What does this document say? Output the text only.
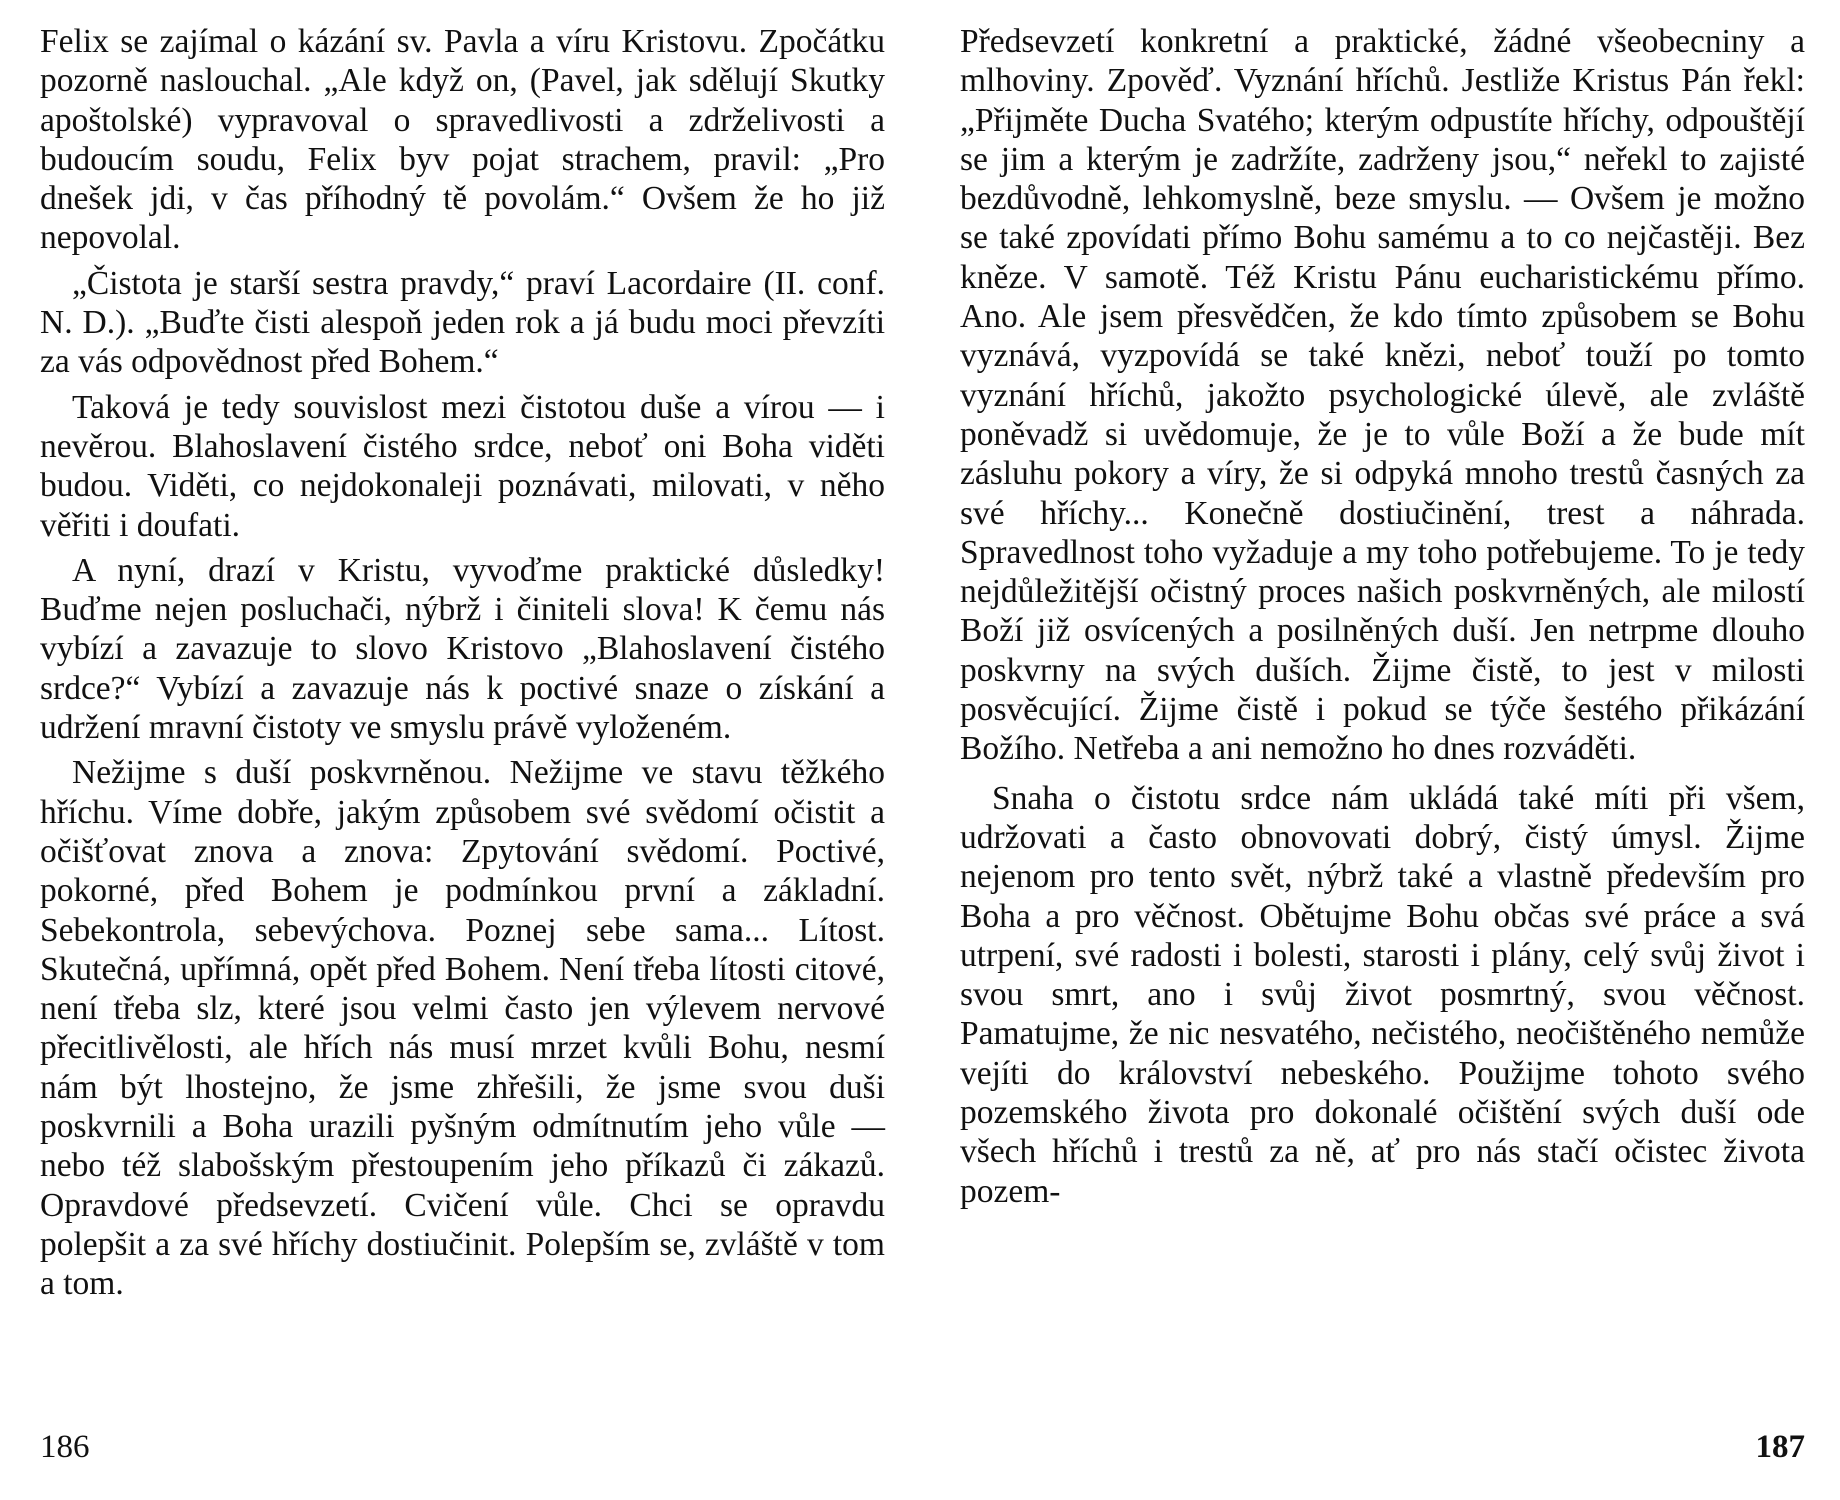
Felix se zajímal o kázání sv. Pavla a víru Kristovu. Zpočátku pozorně naslouchal. „Ale když on, (Pavel, jak sdělují Skutky apoštolské) vypravoval o spravedlivosti a zdrželivosti a budoucím soudu, Felix byv pojat strachem, pravil: „Pro dnešek jdi, v čas příhodný tě povolám.“ Ovšem že ho již nepovolal.

„Čistota je starší sestra pravdy,“ praví Lacordaire (II. conf. N. D.). „Buďte čisti alespoň jeden rok a já budu moci převzíti za vás odpovědnost před Bohem.“

Taková je tedy souvislost mezi čistotou duše a vírou — i nevěrou. Blahoslavení čistého srdce, neboť oni Boha viděti budou. Viděti, co nejdokonaleji poznávati, milovati, v něho věřiti i doufati.

A nyní, drazí v Kristu, vyvoďme praktické důsledky! Buďme nejen posluchači, nýbrž i činiteli slova! K čemu nás vybízí a zavazuje to slovo Kristovo „Blahoslavení čistého srdce?“ Vybízí a zavazuje nás k poctivé snaze o získání a udržení mravní čistoty ve smyslu právě vyloženém.

Nežijme s duší poskvrněnou. Nežijme ve stavu těžkého hříchu. Víme dobře, jakým způsobem své svědomí očistit a očišťovat znova a znova: Zpytování svědomí. Poctivé, pokorné, před Bohem je podmínkou první a základní. Sebekontrola, sebevýchova. Poznej sebe sama... Lítost. Skutečná, upřímná, opět před Bohem. Není třeba lítosti citové, není třeba slz, které jsou velmi často jen výlevem nervové přecitlivělosti, ale hřích nás musí mrzet kvůli Bohu, nesmí nám být lhostejno, že jsme zhřešili, že jsme svou duši poskvrnili a Boha urazili pyšným odmítnutím jeho vůle — nebo též slabošským přestoupením jeho příkazů či zákazů. Opravdové předsevzetí. Cvičení vůle. Chci se opravdu polepšit a za své hříchy dostiučinit. Polepším se, zvláště v tom a tom.

186

Předsevzetí konkretní a praktické, žádné všeobecniny a mlhoviny. Zpověď. Vyznání hříchů. Jestliže Kristus Pán řekl: „Přijměte Ducha Svatého; kterým odpustíte hříchy, odpouštějí se jim a kterým je zadržíte, zadrženy jsou,“ neřekl to zajisté bezdůvodně, lehkomyslně, beze smyslu. — Ovšem je možno se také zpovídati přímo Bohu samému a to co nejčastěji. Bez kněze. V samotě. Též Kristu Pánu eucharistickému přímo. Ano. Ale jsem přesvědčen, že kdo tímto způsobem se Bohu vyznává, vyzpovídá se také knězi, neboť touží po tomto vyznání hříchů, jakožto psychologické úlevě, ale zvláště poněvadž si uvědomuje, že je to vůle Boží a že bude mít zásluhu pokory a víry, že si odpyká mnoho trestů časných za své hříchy... Konečně dostiučinění, trest a náhrada. Spravedlnost toho vyžaduje a my toho potřebujeme. To je tedy nejdůležitější očistný proces našich poskvrněných, ale milostí Boží již osvícených a posilněných duší. Jen netrpme dlouho poskvrny na svých duších. Žijme čistě, to jest v milosti posvěcující. Žijme čistě i pokud se týče šestého přikázání Božího. Netřeba a ani nemožno ho dnes rozváděti.

Snaha o čistotu srdce nám ukládá také míti při všem, udržovati a často obnovovati dobrý, čistý úmysl. Žijme nejenom pro tento svět, nýbrž také a vlastně především pro Boha a pro věčnost. Obětujme Bohu občas své práce a svá utrpení, své radosti i bolesti, starosti i plány, celý svůj život i svou smrt, ano i svůj život posmrtný, svou věčnost. Pamatujme, že nic nesvatého, nečistého, neočištěného nemůže vejíti do království nebeského. Použijme tohoto svého pozemského života pro dokonalé očištění svých duší ode všech hříchů i trestů za ně, ať pro nás stačí očistec života pozem-

187
